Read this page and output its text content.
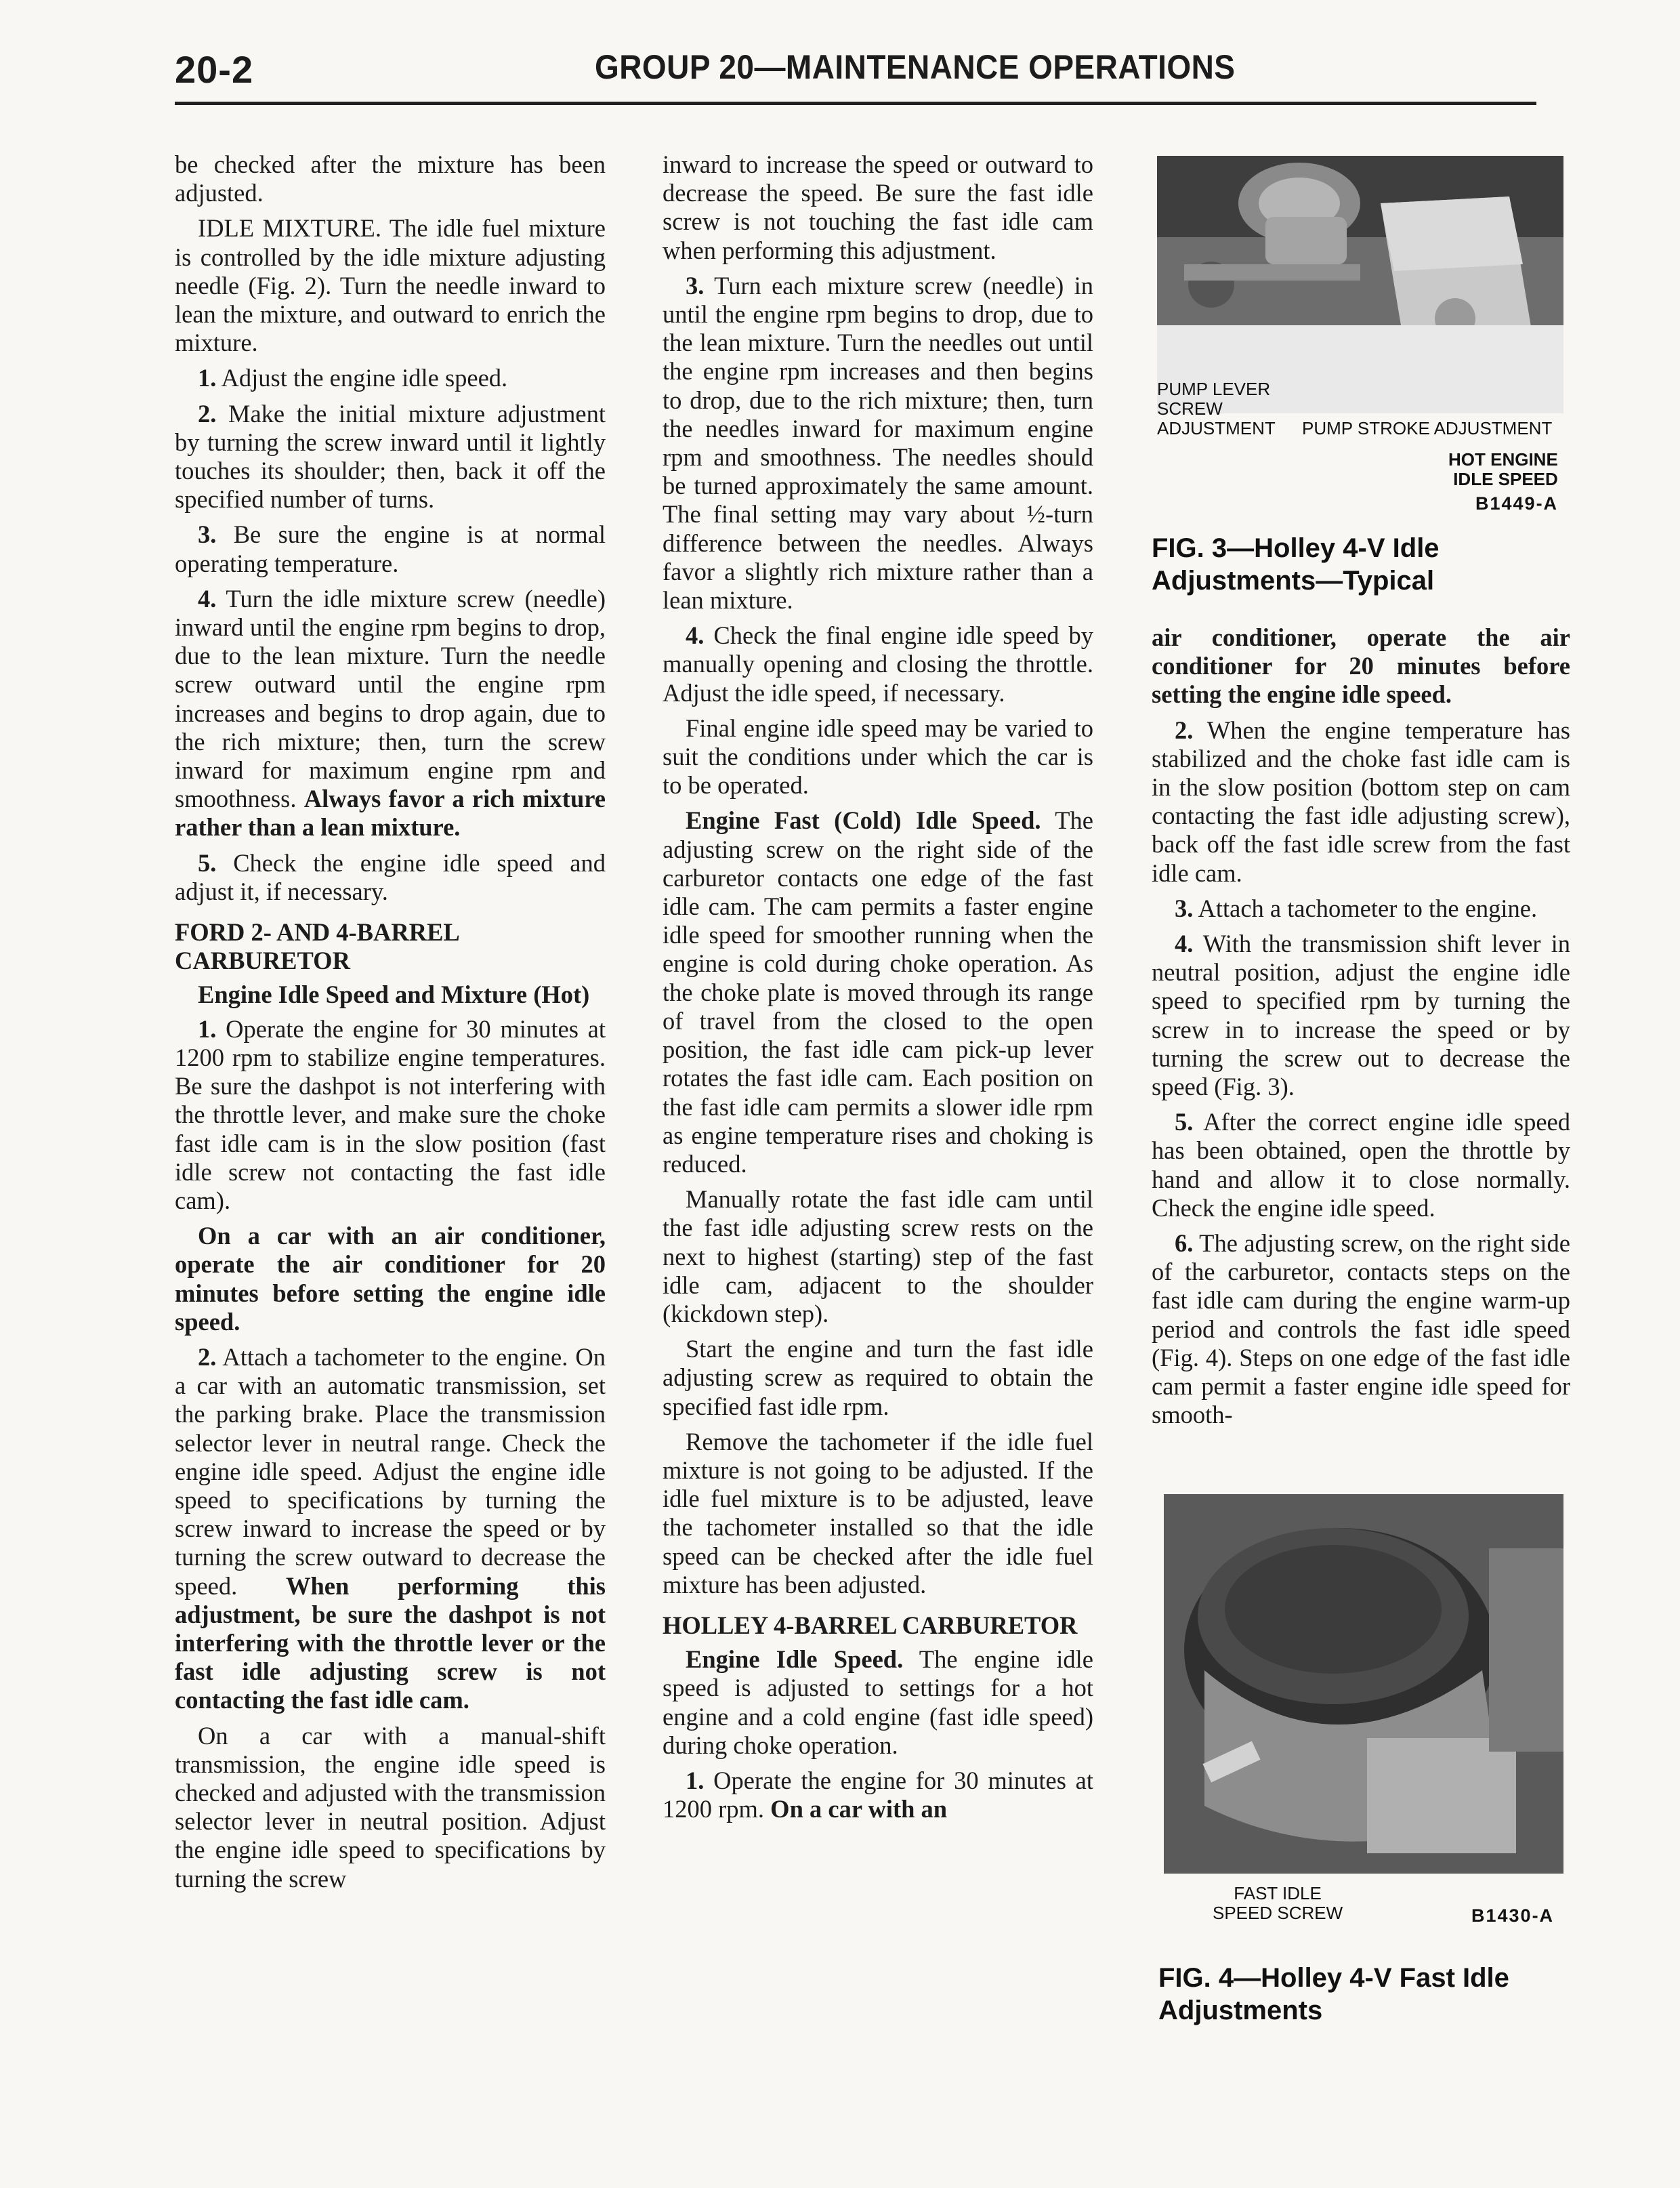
20-2	GROUP 20—MAINTENANCE OPERATIONS

be checked after the mixture has been adjusted.

IDLE MIXTURE. The idle fuel mixture is controlled by the idle mixture adjusting needle (Fig. 2). Turn the needle inward to lean the mixture, and outward to enrich the mixture.

1. Adjust the engine idle speed.

2. Make the initial mixture adjustment by turning the screw inward until it lightly touches its shoulder; then, back it off the specified number of turns.

3. Be sure the engine is at normal operating temperature.

4. Turn the idle mixture screw (needle) inward until the engine rpm begins to drop, due to the lean mixture. Turn the needle screw outward until the engine rpm increases and begins to drop again, due to the rich mixture; then, turn the screw inward for maximum engine rpm and smoothness. Always favor a rich mixture rather than a lean mixture.

5. Check the engine idle speed and adjust it, if necessary.

FORD 2- AND 4-BARREL CARBURETOR
Engine Idle Speed and Mixture (Hot)

1. Operate the engine for 30 minutes at 1200 rpm to stabilize engine temperatures. Be sure the dashpot is not interfering with the throttle lever, and make sure the choke fast idle cam is in the slow position (fast idle screw not contacting the fast idle cam).

On a car with an air conditioner, operate the air conditioner for 20 minutes before setting the engine idle speed.

2. Attach a tachometer to the engine. On a car with an automatic transmission, set the parking brake. Place the transmission selector lever in neutral range. Check the engine idle speed. Adjust the engine idle speed to specifications by turning the screw inward to increase the speed or by turning the screw outward to decrease the speed. When performing this adjustment, be sure the dashpot is not interfering with the throttle lever or the fast idle adjusting screw is not contacting the fast idle cam.

On a car with a manual-shift transmission, the engine idle speed is checked and adjusted with the transmission selector lever in neutral position. Adjust the engine idle speed to specifications by turning the screw

inward to increase the speed or outward to decrease the speed. Be sure the fast idle screw is not touching the fast idle cam when performing this adjustment.

3. Turn each mixture screw (needle) in until the engine rpm begins to drop, due to the lean mixture. Turn the needles out until the engine rpm increases and then begins to drop, due to the rich mixture; then, turn the needles inward for maximum engine rpm and smoothness. The needles should be turned approximately the same amount. The final setting may vary about ½-turn difference between the needles. Always favor a slightly rich mixture rather than a lean mixture.

4. Check the final engine idle speed by manually opening and closing the throttle. Adjust the idle speed, if necessary.

Final engine idle speed may be varied to suit the conditions under which the car is to be operated.

Engine Fast (Cold) Idle Speed. The adjusting screw on the right side of the carburetor contacts one edge of the fast idle cam. The cam permits a faster engine idle speed for smoother running when the engine is cold during choke operation. As the choke plate is moved through its range of travel from the closed to the open position, the fast idle cam pick-up lever rotates the fast idle cam. Each position on the fast idle cam permits a slower idle rpm as engine temperature rises and choking is reduced.

Manually rotate the fast idle cam until the fast idle adjusting screw rests on the next to highest (starting) step of the fast idle cam, adjacent to the shoulder (kickdown step).

Start the engine and turn the fast idle adjusting screw as required to obtain the specified fast idle rpm.

Remove the tachometer if the idle fuel mixture is not going to be adjusted. If the idle fuel mixture is to be adjusted, leave the tachometer installed so that the idle speed can be checked after the idle fuel mixture has been adjusted.

HOLLEY 4-BARREL CARBURETOR

Engine Idle Speed. The engine idle speed is adjusted to settings for a hot engine and a cold engine (fast idle speed) during choke operation.

1. Operate the engine for 30 minutes at 1200 rpm. On a car with an

PUMP LEVER
SCREW
ADJUSTMENT PUMP STROKE ADJUSTMENT
HOT ENGINE
IDLE SPEED
B1449-A
FIG. 3—Holley 4-V Idle Adjustments—Typical

air conditioner, operate the air conditioner for 20 minutes before setting the engine idle speed.

2. When the engine temperature has stabilized and the choke fast idle cam is in the slow position (bottom step on cam contacting the fast idle adjusting screw), back off the fast idle screw from the fast idle cam.

3. Attach a tachometer to the engine.

4. With the transmission shift lever in neutral position, adjust the engine idle speed to specified rpm by turning the screw in to increase the speed or by turning the screw out to decrease the speed (Fig. 3).

5. After the correct engine idle speed has been obtained, open the throttle by hand and allow it to close normally. Check the engine idle speed.

6. The adjusting screw, on the right side of the carburetor, contacts steps on the fast idle cam during the engine warm-up period and controls the fast idle speed (Fig. 4). Steps on one edge of the fast idle cam permit a faster engine idle speed for smooth-

FAST IDLE
SPEED SCREW	B1430-A
FIG. 4—Holley 4-V Fast Idle Adjustments
